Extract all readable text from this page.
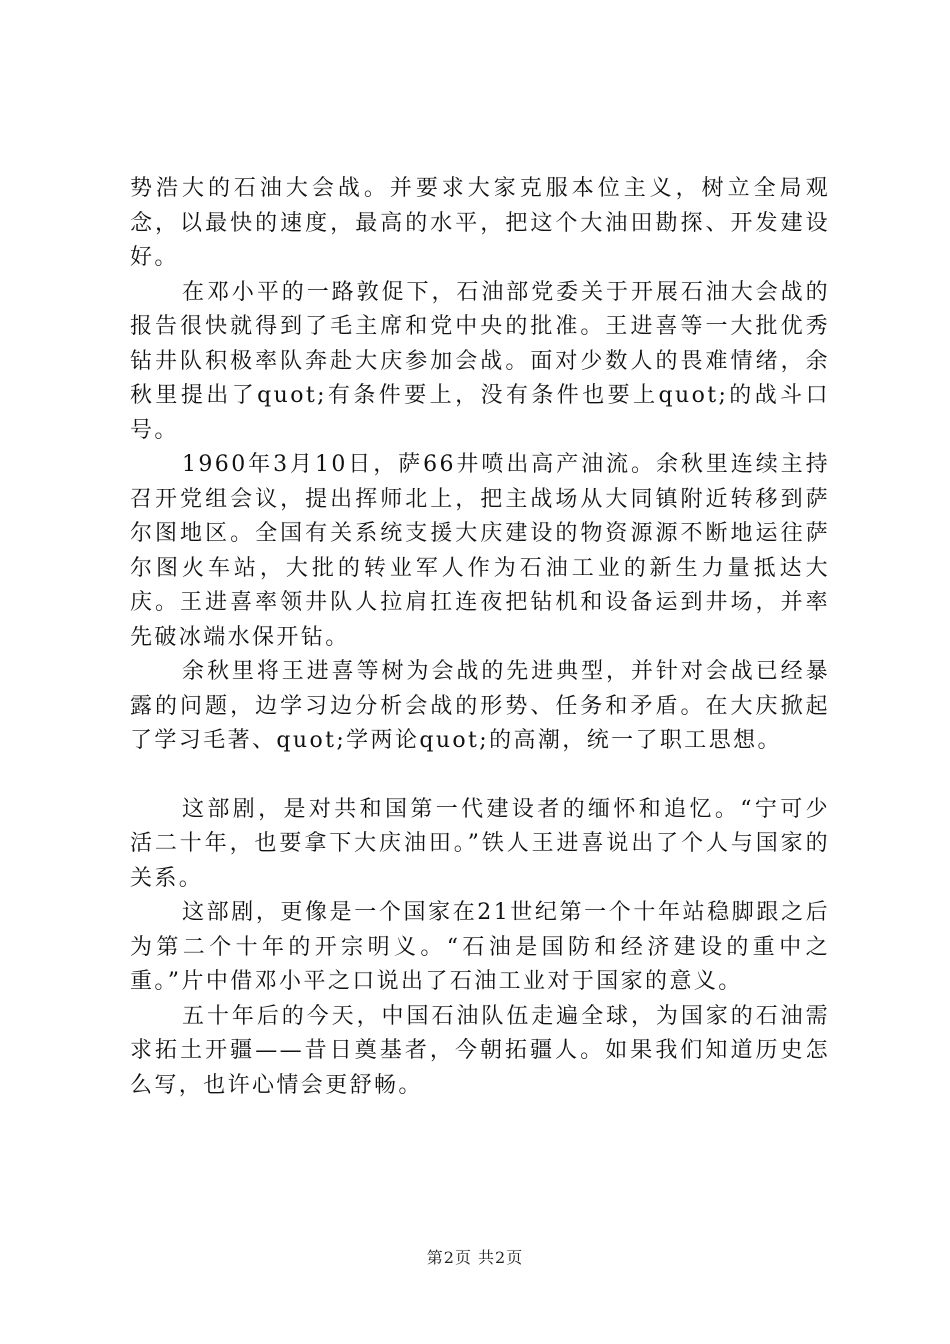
势浩大的石油大会战。并要求大家克服本位主义，树立全局观念，以最快的速度，最高的水平，把这个大油田勘探、开发建设好。

在邓小平的一路敦促下，石油部党委关于开展石油大会战的报告很快就得到了毛主席和党中央的批准。王进喜等一大批优秀钻井队积极率队奔赴大庆参加会战。面对少数人的畏难情绪，余秋里提出了quot;有条件要上，没有条件也要上quot;的战斗口号。

1960年3月10日，萨66井喷出高产油流。余秋里连续主持召开党组会议，提出挥师北上，把主战场从大同镇附近转移到萨尔图地区。全国有关系统支援大庆建设的物资源源不断地运往萨尔图火车站，大批的转业军人作为石油工业的新生力量抵达大庆。王进喜率领井队人拉肩扛连夜把钻机和设备运到井场，并率先破冰端水保开钻。

余秋里将王进喜等树为会战的先进典型，并针对会战已经暴露的问题，边学习边分析会战的形势、任务和矛盾。在大庆掀起了学习毛著、quot;学两论quot;的高潮，统一了职工思想。

这部剧，是对共和国第一代建设者的缅怀和追忆。“宁可少活二十年，也要拿下大庆油田。”铁人王进喜说出了个人与国家的关系。

这部剧，更像是一个国家在21世纪第一个十年站稳脚跟之后为第二个十年的开宗明义。“石油是国防和经济建设的重中之重。”片中借邓小平之口说出了石油工业对于国家的意义。

五十年后的今天，中国石油队伍走遍全球，为国家的石油需求拓土开疆——昔日奠基者，今朝拓疆人。如果我们知道历史怎么写，也许心情会更舒畅。

第2页 共2页
